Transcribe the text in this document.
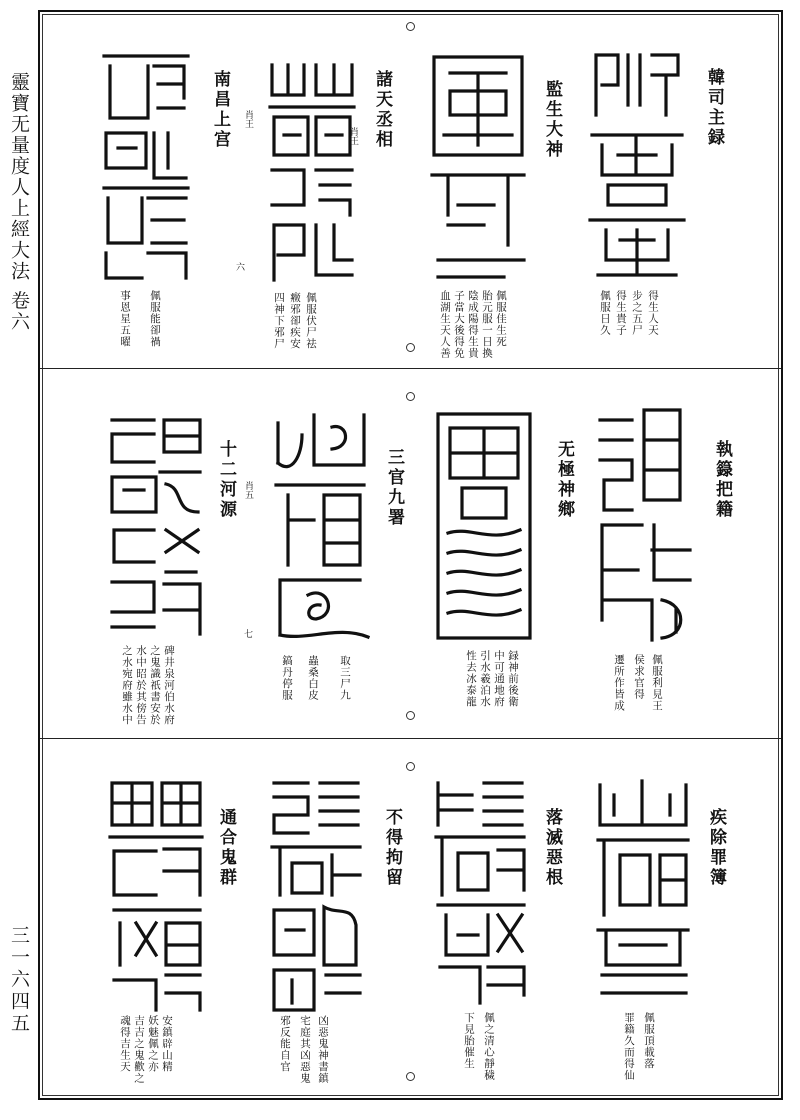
靈寶无量度人上經大法 卷六
三一六四五
六
七
肖王
肖王
肖五
韓司主録
佩服日久 得生貴子 步之五尸 得生人天
監生大神
血湖生天人善 子當大後得免 陰成陽得生貴 胎元服一日換 佩服佳生死
諸天丞相
四神下邪尸 癥邪卻疾安 佩服伏尸祛
南昌上宫
事恩星五曜 佩服能卻禍
執籙把籍
遷所作皆成 侯求官得 佩服利見王
无極神鄉
性去冰泰龍 引水羲泊水 中可通地府 録神前後衛
三官九署
鎬丹停服 蟲桑白皮 取三尸九
十二河源
之水宛府雖水中 水中昭於其傍告 之鬼識祇書安於 碑井泉河伯水府
疾除罪簿
罪籍久而得仙 佩服頂載落
落滅惡根
下見胎催生 佩之清心靜穢
不得拘留
邪反能自官 宅庭其凶惡鬼 凶惡鬼神書鎮
通合鬼群
魂得吉生天 吉吉之鬼歡之 妖魅佩之亦 安鎮辟山精
